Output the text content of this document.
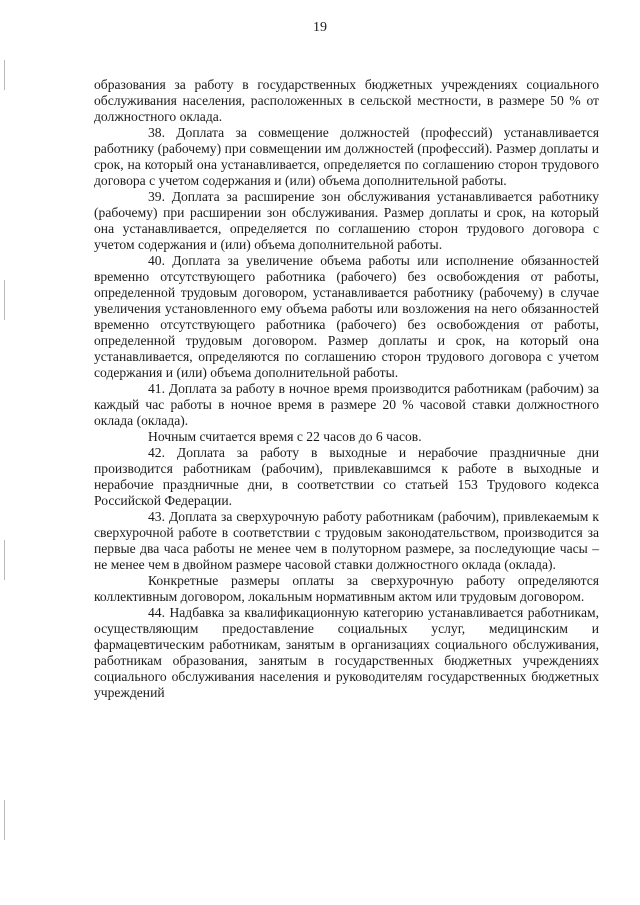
19

образования за работу в государственных бюджетных учреждениях социального обслуживания населения, расположенных в сельской местности, в размере 50 % от должностного оклада.

38. Доплата за совмещение должностей (профессий) устанавливается работнику (рабочему) при совмещении им должностей (профессий). Размер доплаты и срок, на который она устанавливается, определяется по соглашению сторон трудового договора с учетом содержания и (или) объема дополнительной работы.

39. Доплата за расширение зон обслуживания устанавливается работнику (рабочему) при расширении зон обслуживания. Размер доплаты и срок, на который она устанавливается, определяется по соглашению сторон трудового договора с учетом содержания и (или) объема дополнительной работы.

40. Доплата за увеличение объема работы или исполнение обязанностей временно отсутствующего работника (рабочего) без освобождения от работы, определенной трудовым договором, устанавливается работнику (рабочему) в случае увеличения установленного ему объема работы или возложения на него обязанностей временно отсутствующего работника (рабочего) без освобождения от работы, определенной трудовым договором. Размер доплаты и срок, на который она устанавливается, определяются по соглашению сторон трудового договора с учетом содержания и (или) объема дополнительной работы.

41. Доплата за работу в ночное время производится работникам (рабочим) за каждый час работы в ночное время в размере 20 % часовой ставки должностного оклада (оклада).

Ночным считается время с 22 часов до 6 часов.

42. Доплата за работу в выходные и нерабочие праздничные дни производится работникам (рабочим), привлекавшимся к работе в выходные и нерабочие праздничные дни, в соответствии со статьей 153 Трудового кодекса Российской Федерации.

43. Доплата за сверхурочную работу работникам (рабочим), привлекаемым к сверхурочной работе в соответствии с трудовым законодательством, производится за первые два часа работы не менее чем в полуторном размере, за последующие часы – не менее чем в двойном размере часовой ставки должностного оклада (оклада).

Конкретные размеры оплаты за сверхурочную работу определяются коллективным договором, локальным нормативным актом или трудовым договором.

44. Надбавка за квалификационную категорию устанавливается работникам, осуществляющим предоставление социальных услуг, медицинским и фармацевтическим работникам, занятым в организациях социального обслуживания, работникам образования, занятым в государственных бюджетных учреждениях социального обслуживания населения и руководителям государственных бюджетных учреждений
